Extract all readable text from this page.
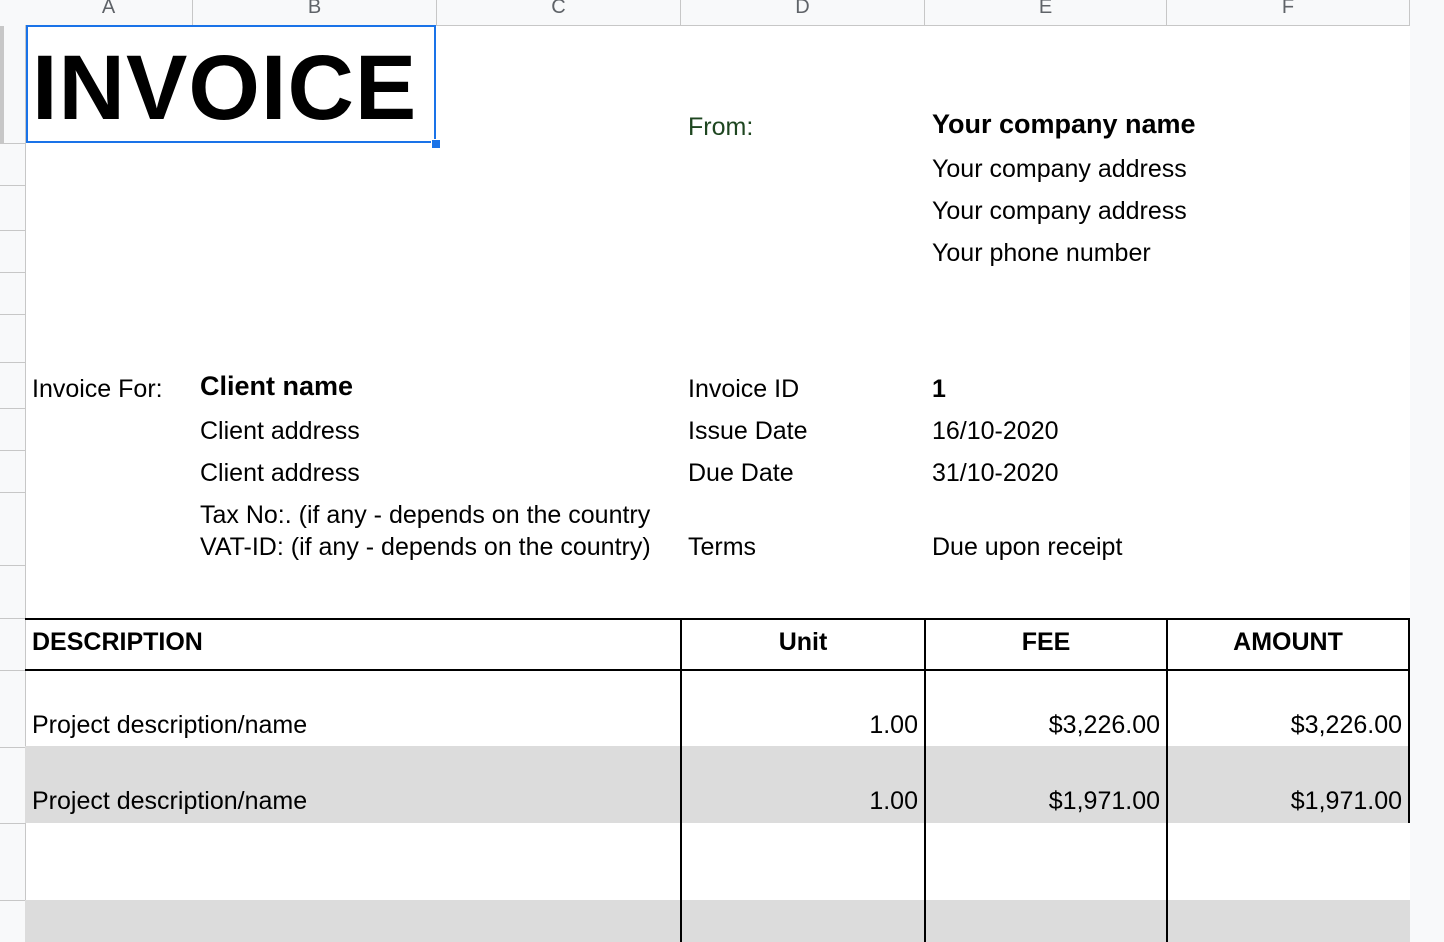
A	B	C	D	E	F
INVOICE	From:	Your company name
Your company address
Your company address
Your phone number
Invoice For: Client name
Client address
Client address
Tax No:. (if any - depends on the country
VAT-ID: (if any - depends on the country)
Invoice ID	1
Issue Date	16/10-2020
Due Date	31/10-2020
Terms	Due upon receipt
DESCRIPTION	Unit	FEE	AMOUNT
Project description/name	1.00	$3,226.00	$3,226.00
Project description/name	1.00	$1,971.00	$1,971.00
